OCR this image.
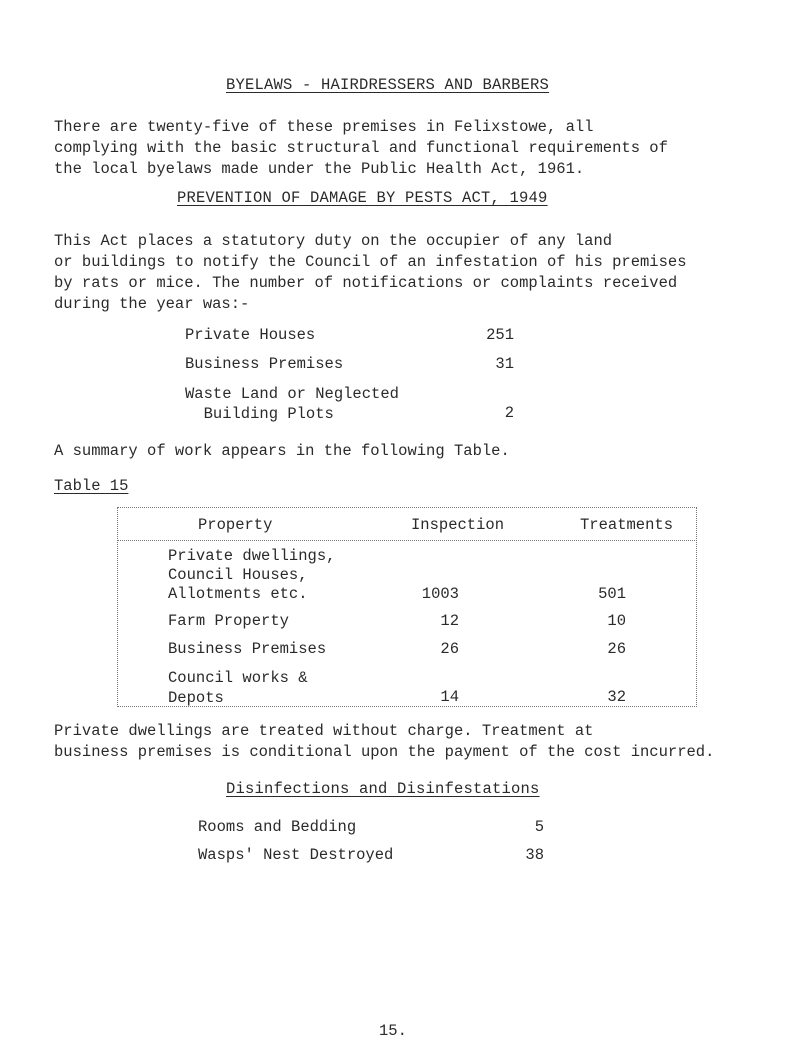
BYELAWS - HAIRDRESSERS AND BARBERS
There are twenty-five of these premises in Felixstowe, all
complying with the basic structural and functional requirements of
the local byelaws made under the Public Health Act, 1961.
PREVENTION OF DAMAGE BY PESTS ACT, 1949
This Act places a statutory duty on the occupier of any land
or buildings to notify the Council of an infestation of his premises
by rats or mice. The number of notifications or complaints received
during the year was:-
Private Houses	251
Business Premises	31
Waste Land or Neglected
Building Plots	2
A summary of work appears in the following Table.
Table 15
Property	Inspection	Treatments
Private dwellings,
Council Houses,
Allotments etc.	1003	501
Farm Property	12	10
Business Premises	26	26
Council works &
Depots	14	32
Private dwellings are treated without charge. Treatment at
business premises is conditional upon the payment of the cost incurred.
Disinfections and Disinfestations
Rooms and Bedding	5
Wasps' Nest Destroyed	38
15.
